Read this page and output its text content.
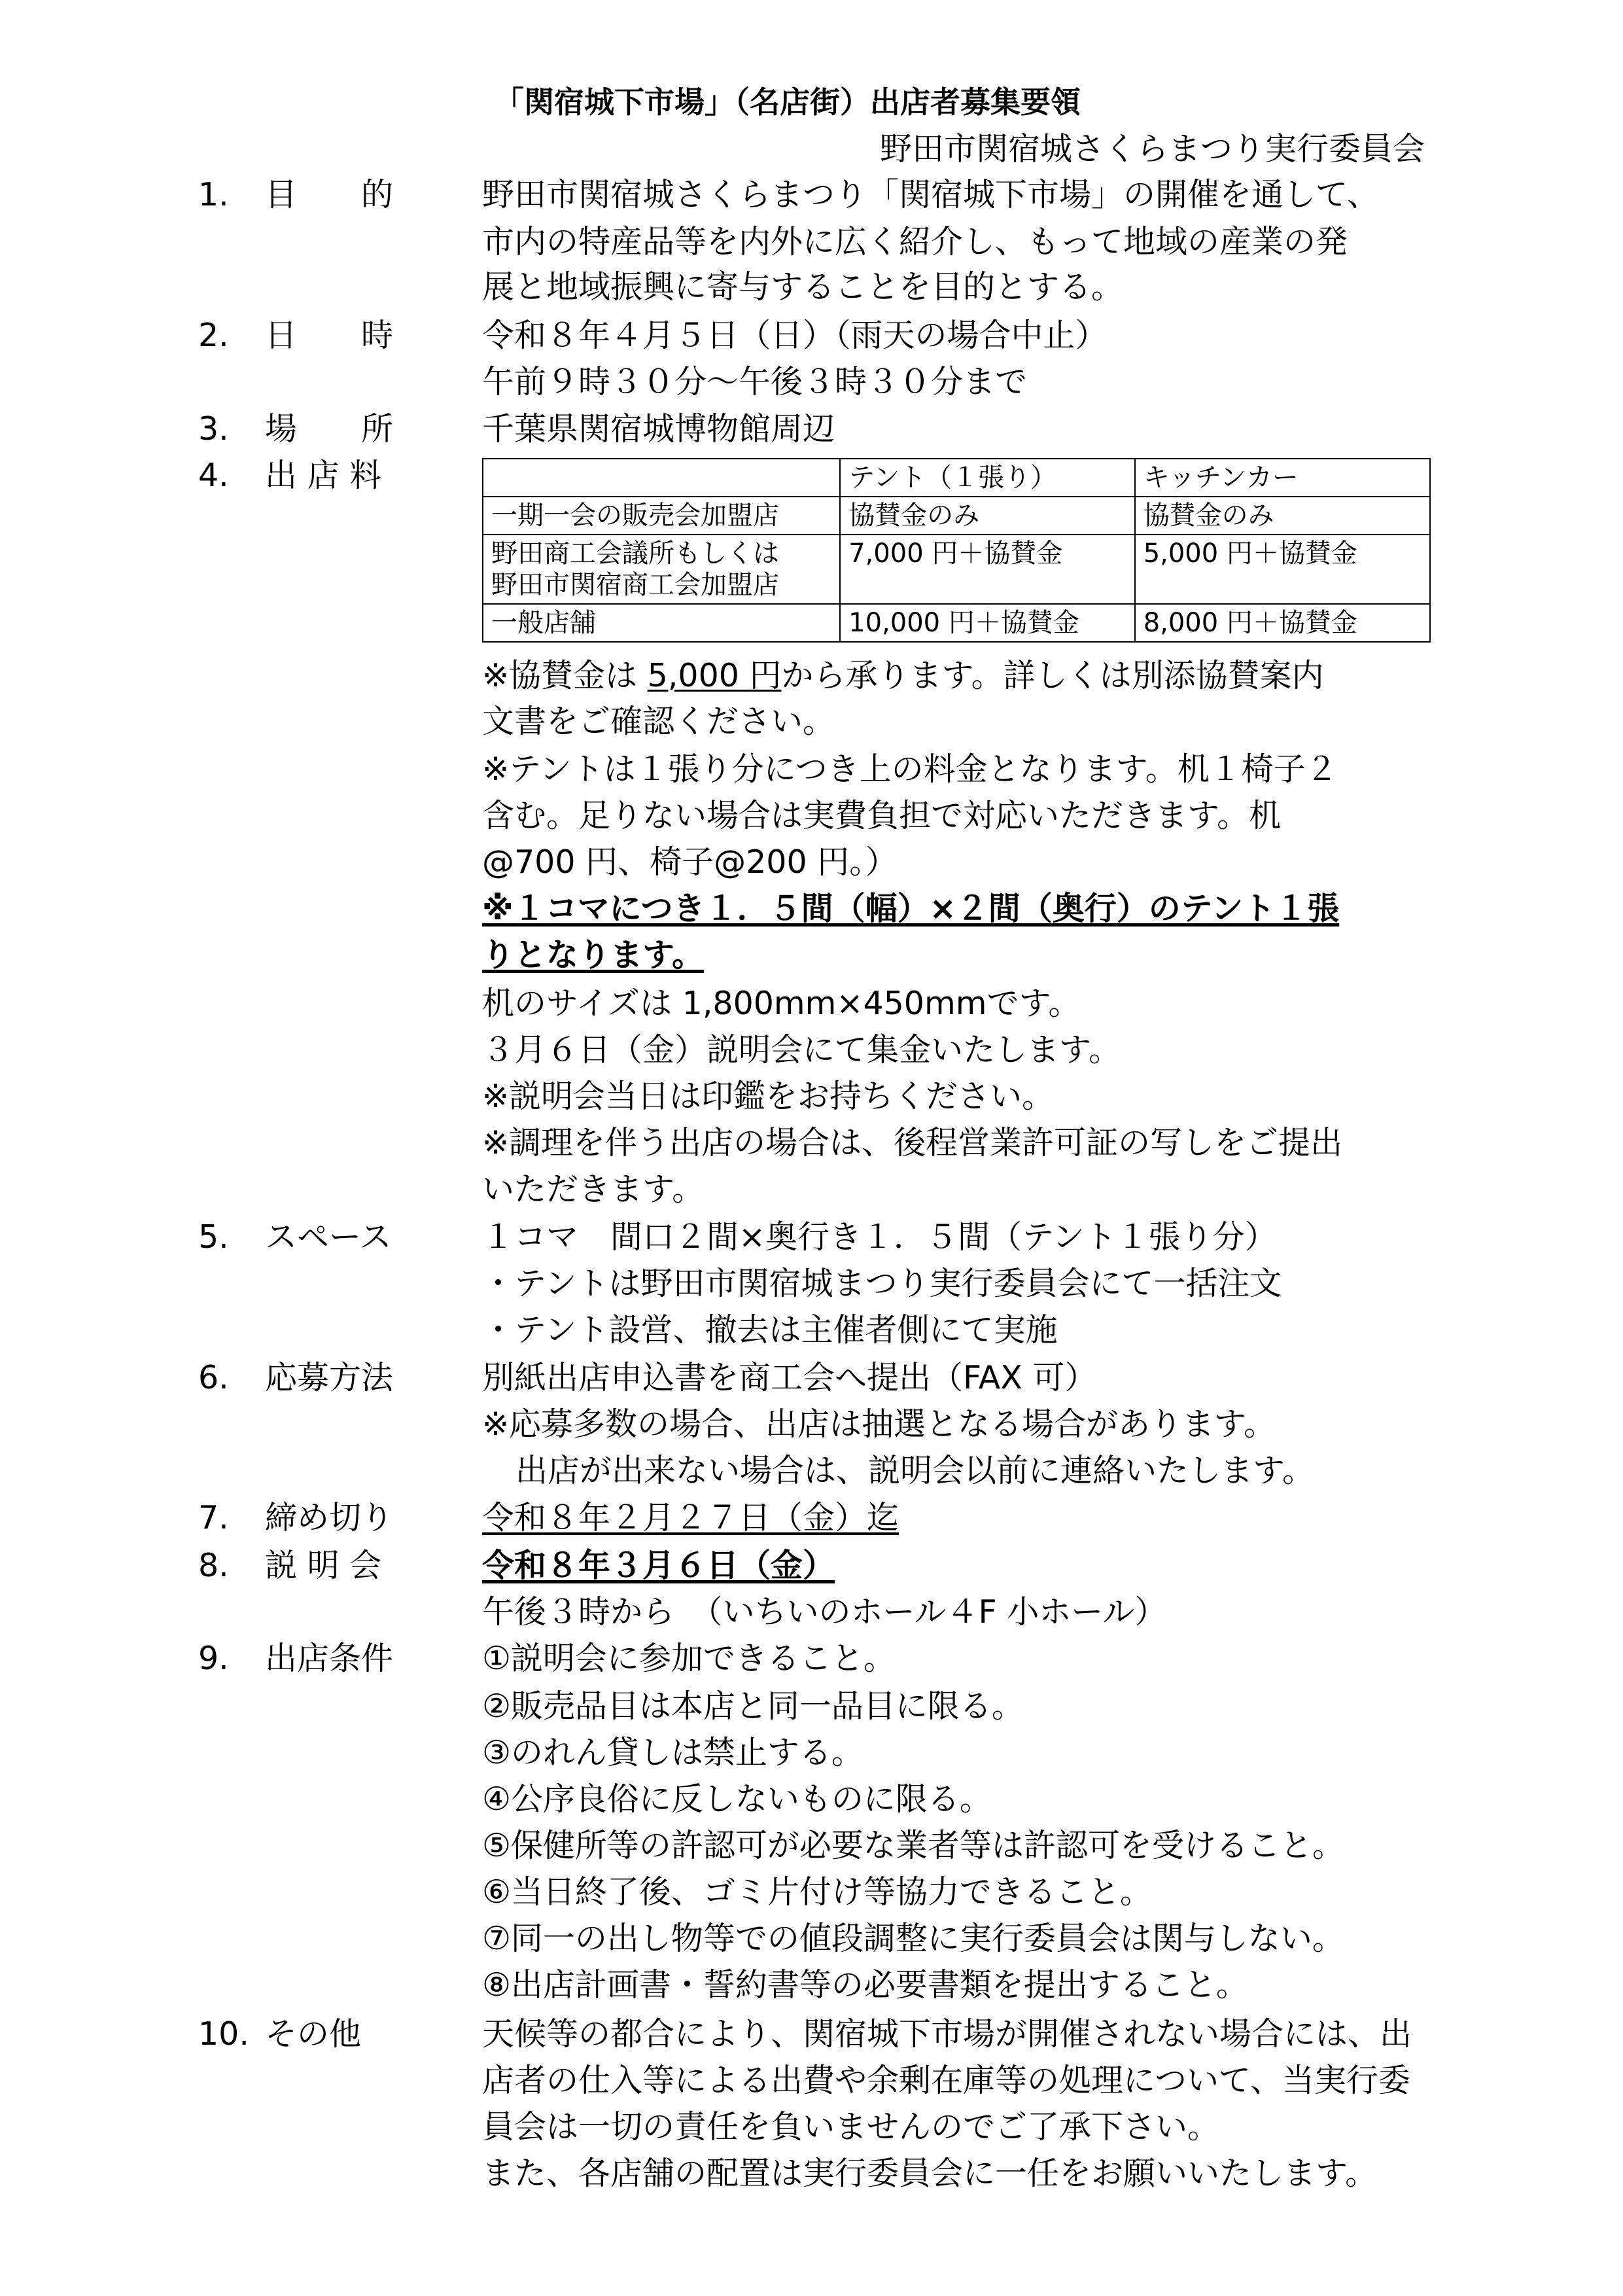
「関宿城下市場」（名店街）出店者募集要領
野田市関宿城さくらまつり実行委員会
1. 目　　的	野田市関宿城さくらまつり「関宿城下市場」の開催を通して、
市内の特産品等を内外に広く紹介し、もって地域の産業の発
展と地域振興に寄与することを目的とする。
2. 日　　時	令和８年４月５日（日）（雨天の場合中止）
午前９時３０分～午後３時３０分まで
3. 場　　所	千葉県関宿城博物館周辺
4. 出 店 料
		テント（１張り）	キッチンカー
一期一会の販売会加盟店	協賛金のみ	協賛金のみ
野田商工会議所もしくは
野田市関宿商工会加盟店	7,000 円＋協賛金	5,000 円＋協賛金
一般店舗	10,000 円＋協賛金	8,000 円＋協賛金
※協賛金は 5,000 円から承ります。詳しくは別添協賛案内
文書をご確認ください。
※テントは１張り分につき上の料金となります。机１椅子２
含む。足りない場合は実費負担で対応いただきます。机
@700 円、椅子@200 円。）
※１コマにつき１．５間（幅）×２間（奥行）のテント１張
りとなります。
机のサイズは 1,800mm×450mmです。
３月６日（金）説明会にて集金いたします。
※説明会当日は印鑑をお持ちください。
※調理を伴う出店の場合は、後程営業許可証の写しをご提出
いただきます。
5. スペース	１コマ　間口２間×奥行き１．５間（テント１張り分）
・テントは野田市関宿城まつり実行委員会にて一括注文
・テント設営、撤去は主催者側にて実施
6. 応募方法	別紙出店申込書を商工会へ提出（FAX 可）
※応募多数の場合、出店は抽選となる場合があります。
出店が出来ない場合は、説明会以前に連絡いたします。
7. 締め切り	令和８年２月２７日（金）迄
8. 説 明 会	令和８年３月６日（金）
午後３時から　（いちいのホール４F 小ホール）
9. 出店条件	①説明会に参加できること。
②販売品目は本店と同一品目に限る。
③のれん貸しは禁止する。
④公序良俗に反しないものに限る。
⑤保健所等の許認可が必要な業者等は許認可を受けること。
⑥当日終了後、ゴミ片付け等協力できること。
⑦同一の出し物等での値段調整に実行委員会は関与しない。
⑧出店計画書・誓約書等の必要書類を提出すること。
10. その他	天候等の都合により、関宿城下市場が開催されない場合には、出
店者の仕入等による出費や余剰在庫等の処理について、当実行委
員会は一切の責任を負いませんのでご了承下さい。
また、各店舗の配置は実行委員会に一任をお願いいたします。
